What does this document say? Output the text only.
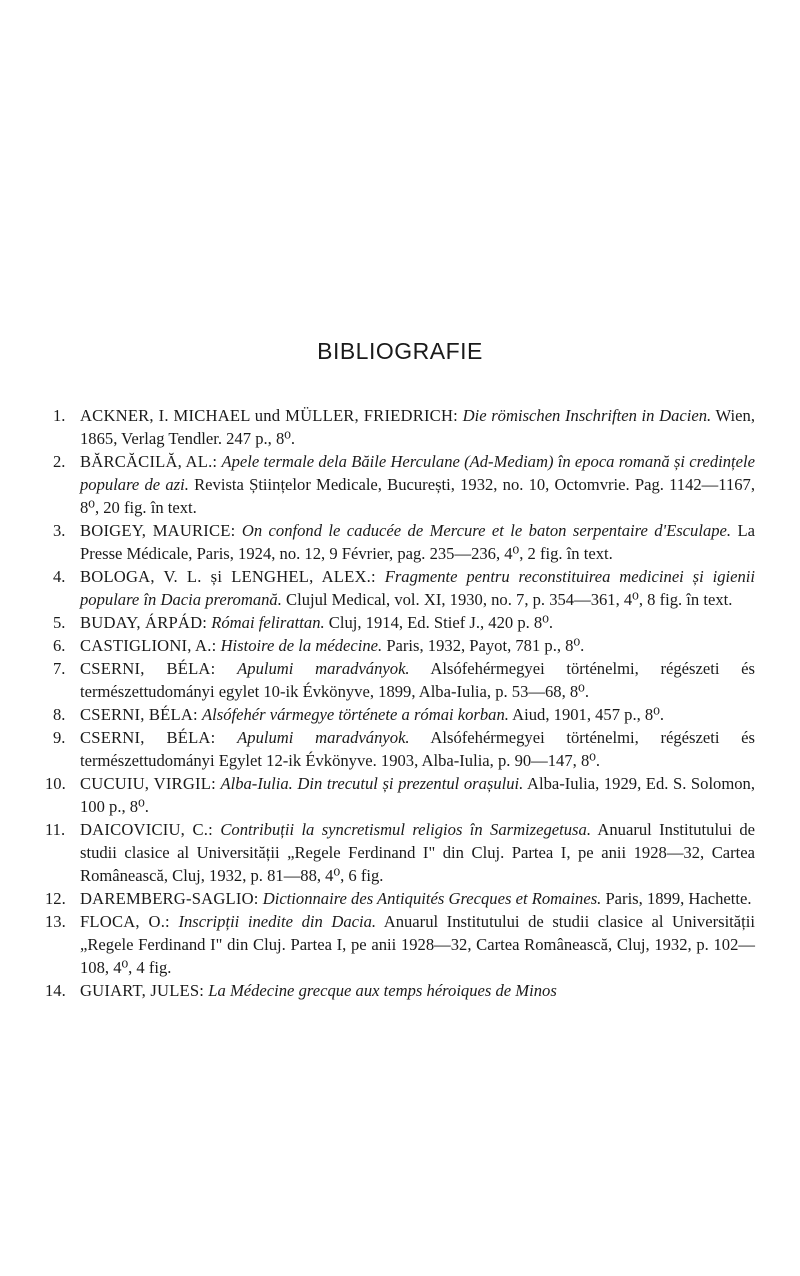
BIBLIOGRAFIE
1. ACKNER, I. MICHAEL und MÜLLER, FRIEDRICH: Die römischen Inschriften in Dacien. Wien, 1865, Verlag Tendler. 247 p., 8⁰.
2. BĂRCĂCILĂ, AL.: Apele termale dela Băile Herculane (Ad-Mediam) în epoca romană și credințele populare de azi. Revista Științelor Medicale, București, 1932, no. 10, Octomvrie. Pag. 1142—1167, 8⁰, 20 fig. în text.
3. BOIGEY, MAURICE: On confond le caducée de Mercure et le baton serpentaire d'Esculape. La Presse Médicale, Paris, 1924, no. 12, 9 Février, pag. 235—236, 4⁰, 2 fig. în text.
4. BOLOGA, V. L. și LENGHEL, ALEX.: Fragmente pentru reconstituirea medicinei și igienii populare în Dacia preromană. Clujul Medical, vol. XI, 1930, no. 7, p. 354—361, 4⁰, 8 fig. în text.
5. BUDAY, ÁRPÁD: Római felirattan. Cluj, 1914, Ed. Stief J., 420 p. 8⁰.
6. CASTIGLIONI, A.: Histoire de la médecine. Paris, 1932, Payot, 781 p., 8⁰.
7. CSERNI, BÉLA: Apulumi maradványok. Alsófehérmegyei történelmi, régészeti és természettudományi egylet 10-ik Évkönyve, 1899, Alba-Iulia, p. 53—68, 8⁰.
8. CSERNI, BÉLA: Alsófehér vármegye története a római korban. Aiud, 1901, 457 p., 8⁰.
9. CSERNI, BÉLA: Apulumi maradványok. Alsófehérmegyei történelmi, régészeti és természettudományi Egylet 12-ik Évkönyve. 1903, Alba-Iulia, p. 90—147, 8⁰.
10. CUCUIU, VIRGIL: Alba-Iulia. Din trecutul și prezentul orașului. Alba-Iulia, 1929, Ed. S. Solomon, 100 p., 8⁰.
11. DAICOVICIU, C.: Contribuții la syncretismul religios în Sarmizegetusa. Anuarul Institutului de studii clasice al Universității „Regele Ferdinand I" din Cluj. Partea I, pe anii 1928—32, Cartea Românească, Cluj, 1932, p. 81—88, 4⁰, 6 fig.
12. DAREMBERG-SAGLIO: Dictionnaire des Antiquités Grecques et Romaines. Paris, 1899, Hachette.
13. FLOCA, O.: Inscripții inedite din Dacia. Anuarul Institutului de studii clasice al Universității „Regele Ferdinand I" din Cluj. Partea I, pe anii 1928—32, Cartea Românească, Cluj, 1932, p. 102—108, 4⁰, 4 fig.
14. GUIART, JULES: La Médecine grecque aux temps héroiques de Minos
